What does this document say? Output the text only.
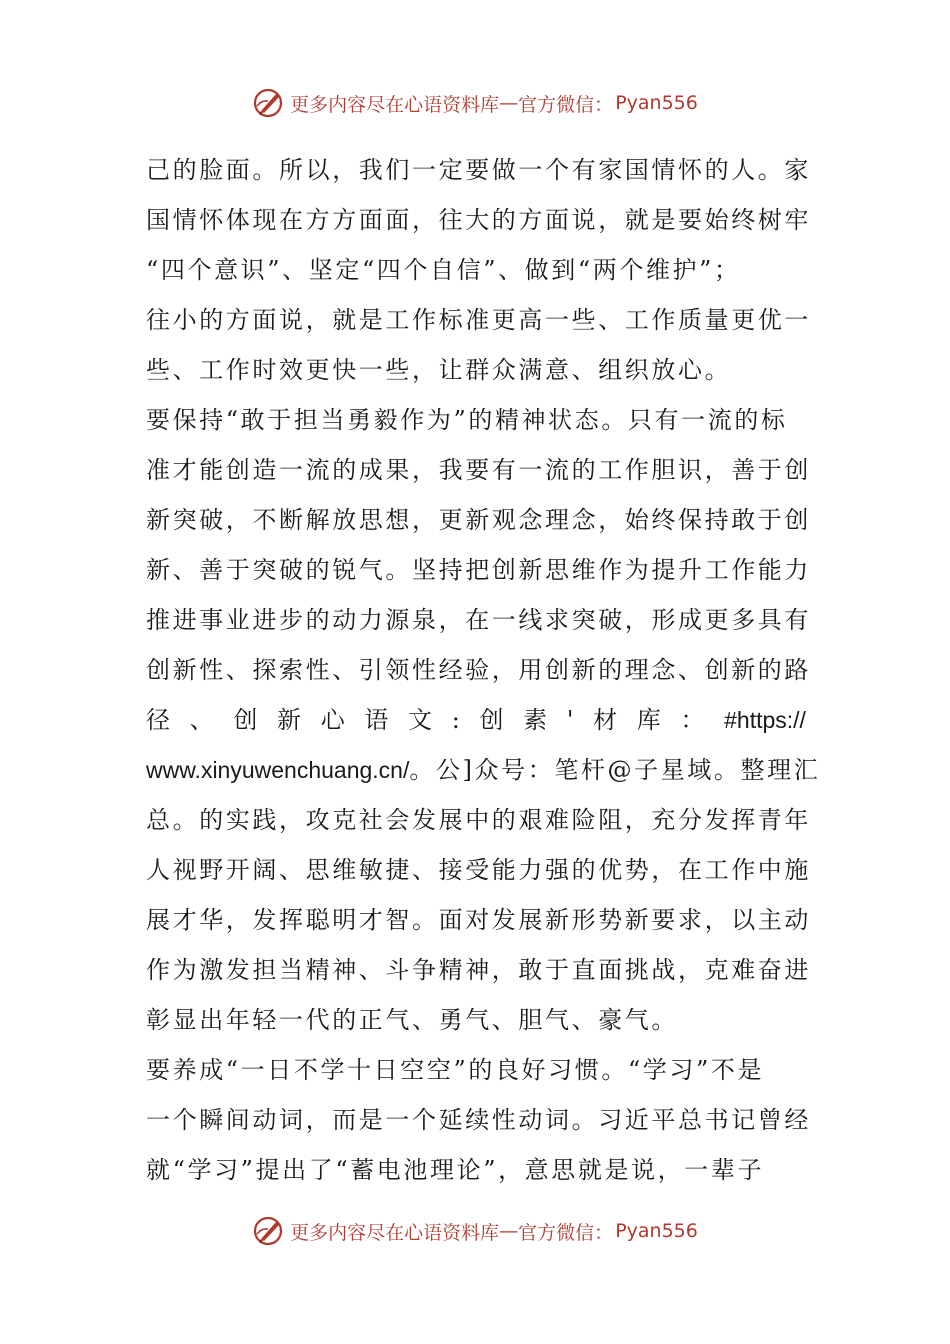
更多内容尽在心语资料库 — 官方微信： Pyan556
己的脸面。所以，我们一定要做一个有家国情怀的人。家
国情怀体现在方方面面，往大的方面说，就是要始终树牢
“四个意识”、坚定“四个自信”、做到“两个维护”；
往小的方面说，就是工作标准更高一些、工作质量更优一
些、工作时效更快一些，让群众满意、组织放心。
要保持“敢于担当勇毅作为”的精神状态。只有一流的标
准才能创造一流的成果，我要有一流的工作胆识，善于创
新突破，不断解放思想，更新观念理念，始终保持敢于创
新、善于突破的锐气。坚持把创新思维作为提升工作能力
推进事业进步的动力源泉，在一线求突破，形成更多具有
创新性、探索性、引领性经验，用创新的理念、创新的路
径 、 创 新 心 语 文 : 创 素 ' 材 库 ： #https://
www.xinyuwenchuang.cn/。公]众号：笔杆@子星域。整理汇
总。的实践，攻克社会发展中的艰难险阻，充分发挥青年
人视野开阔、思维敏捷、接受能力强的优势，在工作中施
展才华，发挥聪明才智。面对发展新形势新要求，以主动
作为激发担当精神、斗争精神，敢于直面挑战，克难奋进
彰显出年轻一代的正气、勇气、胆气、豪气。
要养成“一日不学十日空空”的良好习惯。“学习”不是
一个瞬间动词，而是一个延续性动词。习近平总书记曾经
就“学习”提出了“蓄电池理论”，意思就是说，一辈子
更多内容尽在心语资料库 — 官方微信： Pyan556
